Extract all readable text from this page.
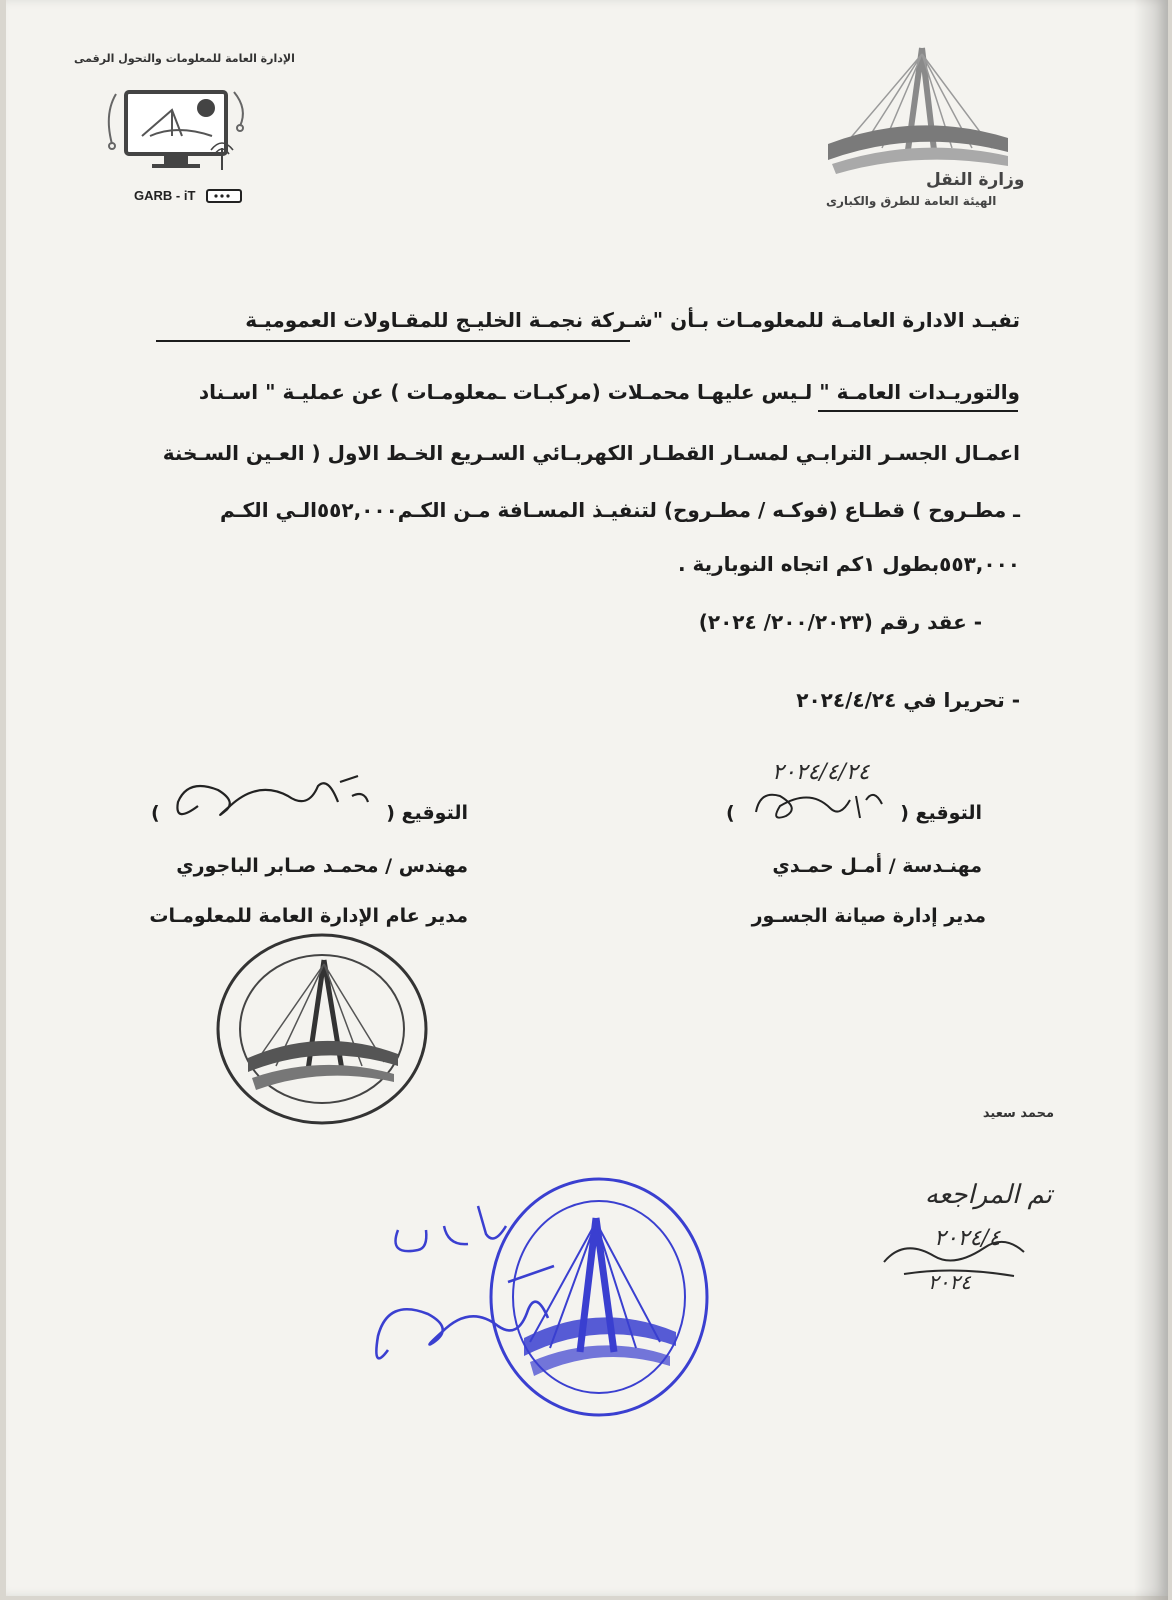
الإدارة العامة للمعلومات والتحول الرقمى
GARB - iT
وزارة النقل
الهيئة العامة للطرق والكبارى
تفيـد الادارة العامـة للمعلومـات بـأن "شـركة نجمـة الخليـج للمقـاولات العموميـة
والتوريـدات العامـة " لـيس عليهـا محمـلات (مركبـات ـمعلومـات ) عن عمليـة " اسـناد
اعمـال الجسـر الترابـي لمسـار القطـار الكهربـائي السـريع الخـط الاول ( العـين السـخنة
ـ مطـروح ) قطـاع (فوكـه / مطـروح) لتنفيـذ المسـافة مـن الكـم٥٥٢,٠٠٠الـي الكـم
٥٥٣,٠٠٠بطول ١كم اتجاه النوبارية .
- عقد رقم (٢٠٠/٢٠٢٣/ ٢٠٢٤)
- تحريرا في ٢٠٢٤/٤/٢٤
٢٠٢٤/٤/٢٤
التوقيع (
)
مهنـدسة / أمـل حمـدي
مدير إدارة صيانة الجسـور
التوقيع (
)
مهندس / محمـد صـابر الباجوري
مدير عام الإدارة العامة للمعلومـات
محمد سعيد
تم المراجعه
٢٠٢٤/٤
٢٠٢٤
